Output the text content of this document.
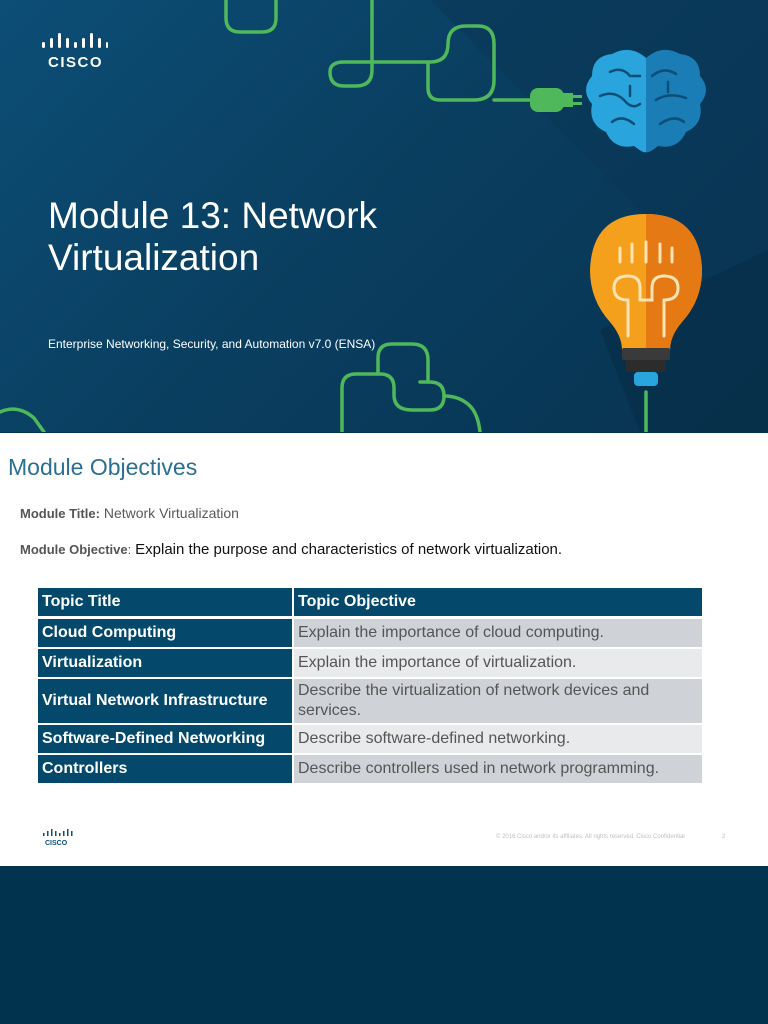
CISCO
Module 13: Network Virtualization

Enterprise Networking, Security, and Automation v7.0 (ENSA)

Module Objectives

Module Title: Network Virtualization

Module Objective: Explain the purpose and characteristics of network virtualization.

Topic Title	Topic Objective
Cloud Computing	Explain the importance of cloud computing.
Virtualization	Explain the importance of virtualization.
Virtual Network Infrastructure	Describe the virtualization of network devices and services.
Software-Defined Networking	Describe software-defined networking.
Controllers	Describe controllers used in network programming.
CISCO

© 2016 Cisco and/or its affiliates. All rights reserved. Cisco Confidential	2
